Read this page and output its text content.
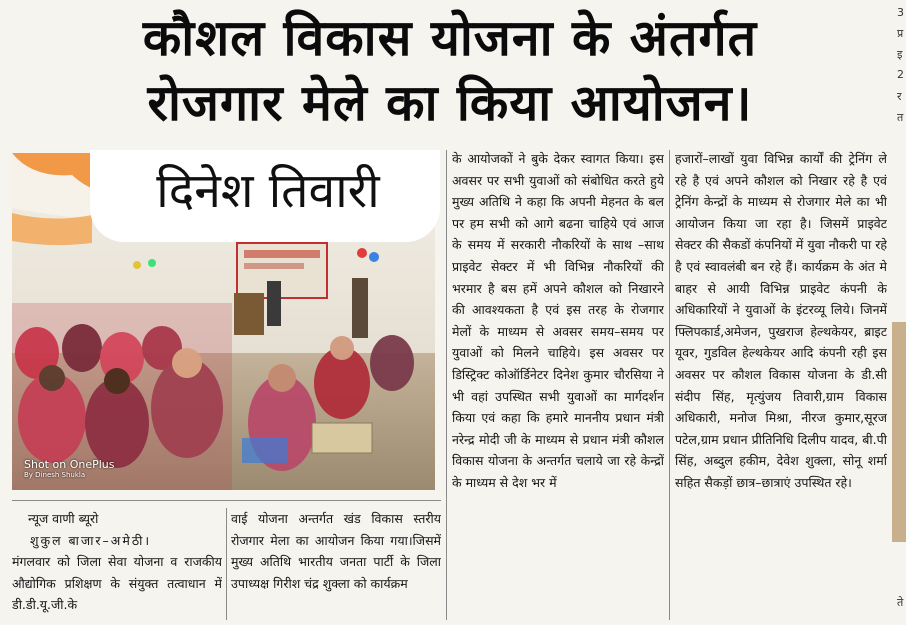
कौशल विकास योजना के अंतर्गत
रोजगार मेले का किया आयोजन।
दिनेश तिवारी
Shot on OnePlus
By Dinesh Shukla
न्यूज वाणी ब्यूरो
शुकुल बाजार–अमेठी।

मंगलवार को जिला सेवा योजना व राजकीय औद्योगिक प्रशिक्षण के संयुक्त तत्वाधान में डी.डी.यू.जी.के

वाई योजना अन्तर्गत खंड विकास स्तरीय रोजगार मेला का आयोजन किया गया।जिसमें मुख्य अतिथि भारतीय जनता पार्टी के जिला उपाध्यक्ष गिरीश चंद्र शुक्ला को कार्यक्रम

के आयोजकों ने बुके देकर स्वागत किया। इस अवसर पर सभी युवाओं को संबोधित करते हुये मुख्य अतिथि ने कहा कि अपनी मेहनत के बल पर हम सभी को आगे बढना चाहिये एवं आज के समय में सरकारी नौकरियों के साथ –साथ प्राइवेट सेक्टर में भी विभिन्न नौकरियों की भरमार है बस हमें अपने कौशल को निखारने की आवश्यकता है एवं इस तरह के रोजगार मेलों के माध्यम से अवसर समय–समय पर युवाओं को मिलने चाहिये। इस अवसर पर डिस्ट्रिक्ट कोऑर्डिनेटर दिनेश कुमार चौरसिया ने भी वहां उपस्थित सभी युवाओं का मार्गदर्शन किया एवं कहा कि हमारे माननीय प्रधान मंत्री नरेन्द्र मोदी जी के माध्यम से प्रधान मंत्री कौशल विकास योजना के अन्तर्गत चलाये जा रहे केन्द्रों के माध्यम से देश भर में

हजारों–लाखों युवा विभिन्न कार्यों की ट्रेनिंग ले रहे है एवं अपने कौशल को निखार रहे है एवं ट्रेनिंग केन्द्रों के माध्यम से रोजगार मेले का भी आयोजन किया जा रहा है। जिसमें प्राइवेट सेक्टर की सैकडों कंपनियों में युवा नौकरी पा रहे है एवं स्वावलंबी बन रहे हैं। कार्यक्रम के अंत मे बाहर से आयी विभिन्न प्राइवेट कंपनी के अधिकारियों ने युवाओं के इंटरव्यू लिये। जिनमें फ्लिपकार्ड,अमेजन, पुखराज हेल्थकेयर, ब्राइट यूवर, गुडविल हेल्थकेयर आदि कंपनी रही इस अवसर पर कौशल विकास योजना के डी.सी संदीप सिंह, मृत्युंजय तिवारी,ग्राम विकास अधिकारी, मनोज मिश्रा, नीरज कुमार,सूरज पटेल,ग्राम प्रधान प्रीतिनिधि दिलीप यादव, बी.पी सिंह, अब्दुल हकीम, देवेश शुक्ला, सोनू शर्मा सहित सैकड़ों छात्र–छात्राएं उपस्थित रहे।

3
प्र
इ
2
र
त
ते
